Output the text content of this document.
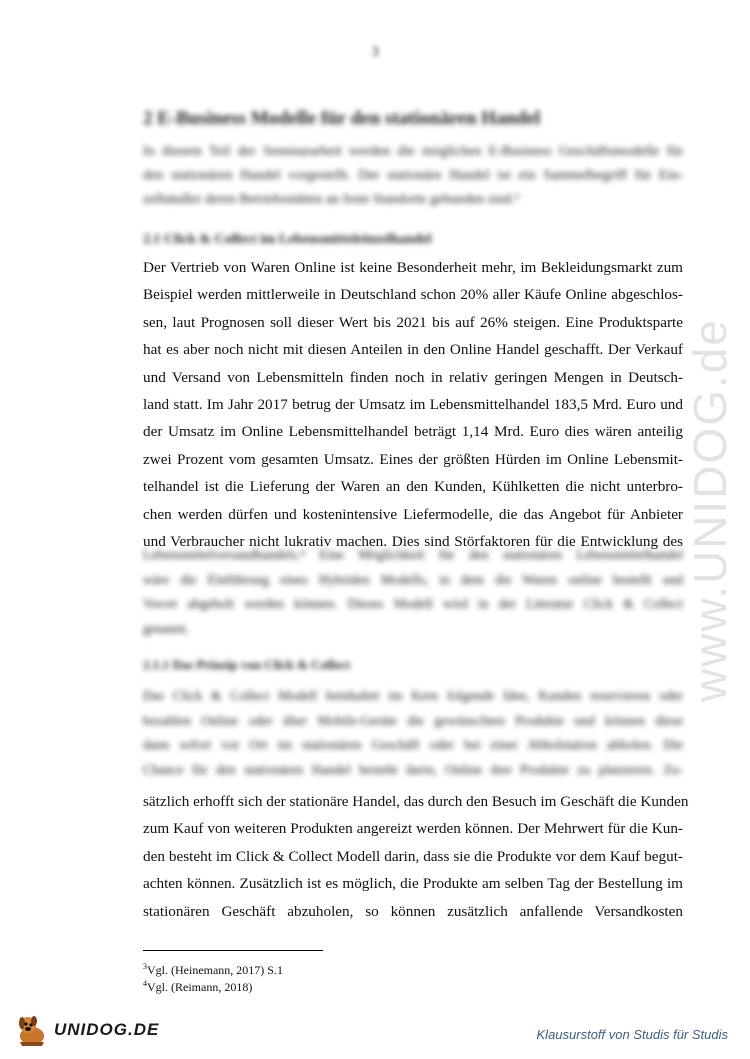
3
2 E-Business Modelle für den stationären Handel
In diesem Teil der Seminararbeit werden die möglichen E-Business Geschäftsmodelle für
den stationären Handel vorgestellt. Der stationäre Handel ist ein Sammelbegriff für Ein-
zelhändler deren Betriebsstätten an feste Standorte gebunden sind.³
2.1 Click & Collect im Lebensmitteleinzelhandel
Der Vertrieb von Waren Online ist keine Besonderheit mehr, im Bekleidungsmarkt zum
Beispiel werden mittlerweile in Deutschland schon 20% aller Käufe Online abgeschlos-
sen, laut Prognosen soll dieser Wert bis 2021 bis auf 26% steigen. Eine Produktsparte
hat es aber noch nicht mit diesen Anteilen in den Online Handel geschafft. Der Verkauf
und Versand von Lebensmitteln finden noch in relativ geringen Mengen in Deutsch-
land statt. Im Jahr 2017 betrug der Umsatz im Lebensmittelhandel 183,5 Mrd. Euro und
der Umsatz im Online Lebensmittelhandel beträgt 1,14 Mrd. Euro dies wären anteilig
zwei Prozent vom gesamten Umsatz. Eines der größten Hürden im Online Lebensmit-
telhandel ist die Lieferung der Waren an den Kunden, Kühlketten die nicht unterbro-
chen werden dürfen und kostenintensive Liefermodelle, die das Angebot für Anbieter
und Verbraucher nicht lukrativ machen. Dies sind Störfaktoren für die Entwicklung des
Lebensmittelversandhandels.⁴ Eine Möglichkeit für den stationären Lebensmittelhandel
wäre die Einführung eines Hybriden Modells, in dem die Waren online bestellt und
Vorort abgeholt werden können. Dieses Modell wird in der Literatur Click & Collect
genannt.
2.1.1 Das Prinzip von Click & Collect
Das Click & Collect Modell beinhaltet im Kern folgende Idee, Kunden reservieren oder
bezahlen Online oder über Mobile-Geräte die gewünschten Produkte und können diese
dann sofort vor Ort im stationären Geschäft oder bei einer Abholstation abholen. Die
Chance für den stationären Handel besteht darin, Online ihre Produkte zu platzieren. Zu-
sätzlich erhofft sich der stationäre Handel, das durch den Besuch im Geschäft die Kunden
zum Kauf von weiteren Produkten angereizt werden können. Der Mehrwert für die Kun-
den besteht im Click & Collect Modell darin, dass sie die Produkte vor dem Kauf begut-
achten können. Zusätzlich ist es möglich, die Produkte am selben Tag der Bestellung im
stationären Geschäft abzuholen, so können zusätzlich anfallende Versandkosten
$^3$Vgl. (Heinemann, 2017) S.1
$^4$Vgl. (Reimann, 2018)
www.UNIDOG.de
UNIDOG.DE	Klausurstoff von Studis für Studis
